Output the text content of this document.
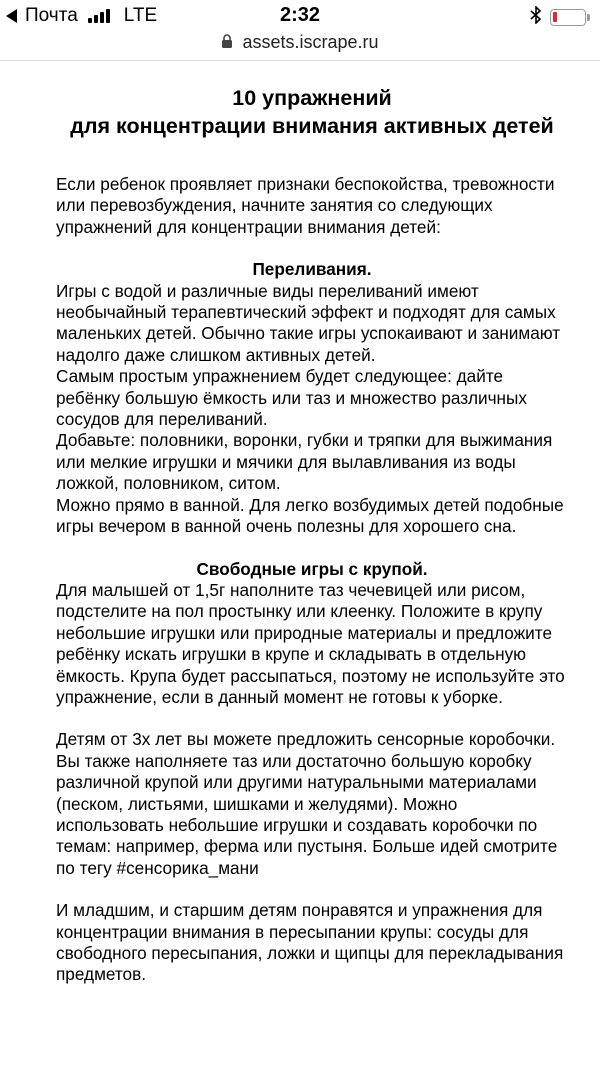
Почта LTE	2:32
assets.iscrape.ru
10 упражнений
для концентрации внимания активных детей

Если ребенок проявляет признаки беспокойства, тревожности или перевозбуждения, начните занятия со следующих упражнений для концентрации внимания детей:

Переливания.
Игры с водой и различные виды переливаний имеют необычайный терапевтический эффект и подходят для самых маленьких детей. Обычно такие игры успокаивают и занимают надолго даже слишком активных детей.
Самым простым упражнением будет следующее: дайте ребёнку большую ёмкость или таз и множество различных сосудов для переливаний.
Добавьте: половники, воронки, губки и тряпки для выжимания или мелкие игрушки и мячики для вылавливания из воды ложкой, половником, ситом.
Можно прямо в ванной. Для легко возбудимых детей подобные игры вечером в ванной очень полезны для хорошего сна.
Свободные игры с крупой.

Для малышей от 1,5г наполните таз чечевицей или рисом, подстелите на пол простынку или клеенку. Положите в крупу небольшие игрушки или природные материалы и предложите ребёнку искать игрушки в крупе и складывать в отдельную ёмкость. Крупа будет рассыпаться, поэтому не используйте это упражнение, если в данный момент не готовы к уборке.

Детям от 3х лет вы можете предложить сенсорные коробочки. Вы также наполняете таз или достаточно большую коробку различной крупой или другими натуральными материалами (песком, листьями, шишками и желудями). Можно использовать небольшие игрушки и создавать коробочки по темам: например, ферма или пустыня. Больше идей смотрите по тегу #сенсорика_мани

И младшим, и старшим детям понравятся и упражнения для концентрации внимания в пересыпании крупы: сосуды для свободного пересыпания, ложки и щипцы для перекладывания предметов.
